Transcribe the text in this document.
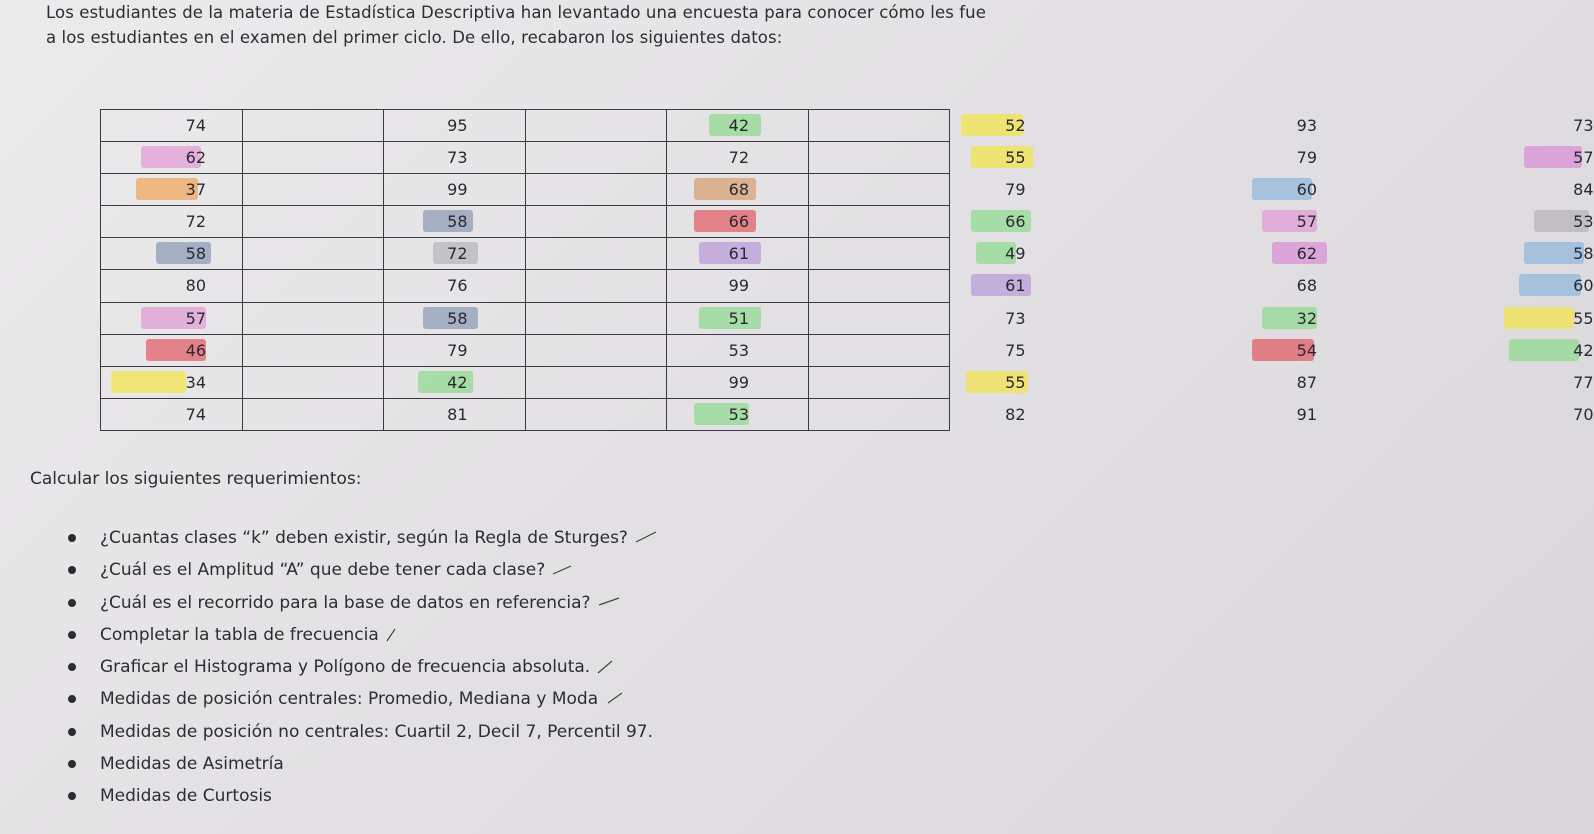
Los estudiantes de la materia de Estadística Descriptiva han levantado una encuesta para conocer cómo les fue a los estudiantes en el examen del primer ciclo. De ello, recabaron los siguientes datos:
74	95	42	52	93	73

62	73	72	55	79	57

37	99	68	79	60	84

72	58	66	66	57	53

58	72	61	49	62	58

80	76	99	61	68	60

57	58	51	73	32	55

46	79	53	75	54	42

34	42	99	55	87	77

74	81	53	82	91	70
Calcular los siguientes requerimientos:
¿Cuantas clases “k” deben existir, según la Regla de Sturges?
¿Cuál es el Amplitud “A” que debe tener cada clase?
¿Cuál es el recorrido para la base de datos en referencia?
Completar la tabla de frecuencia
Graficar el Histograma y Polígono de frecuencia absoluta.
Medidas de posición centrales: Promedio, Mediana y Moda
Medidas de posición no centrales: Cuartil 2, Decil 7, Percentil 97.
Medidas de Asimetría
Medidas de Curtosis
